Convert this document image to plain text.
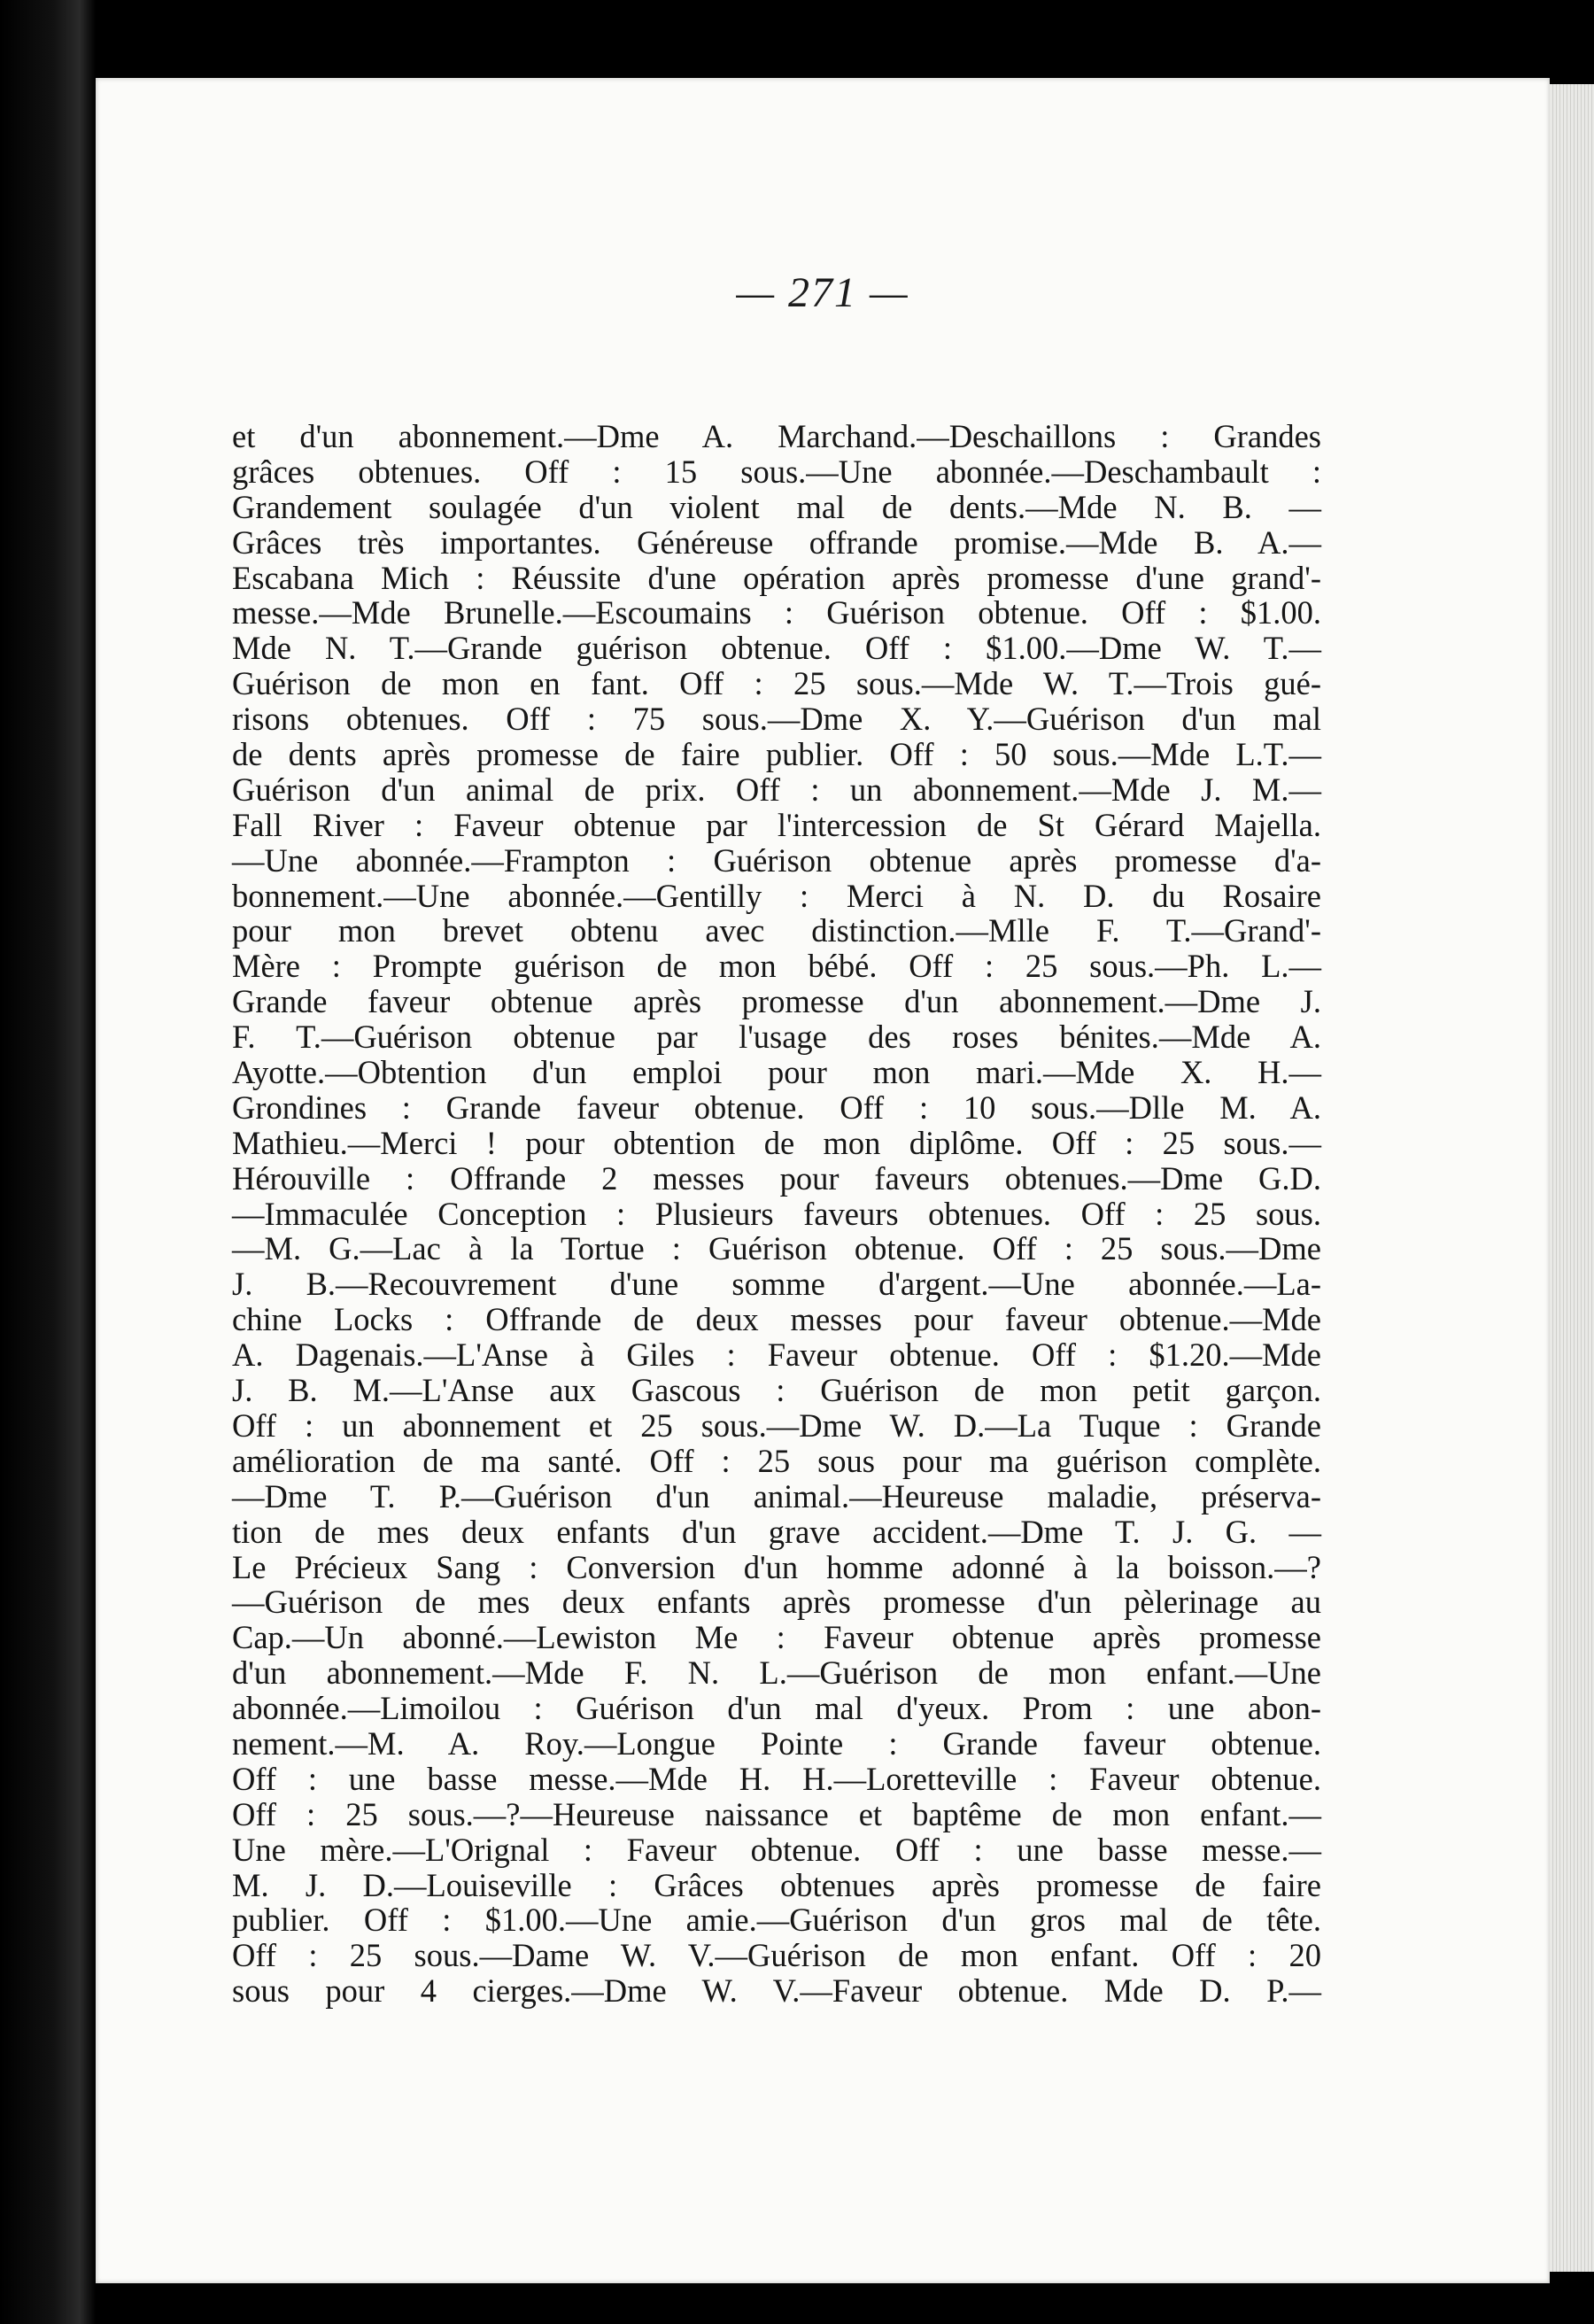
— 271 —
et d'un abonnement.—Dme A. Marchand.—Deschaillons : Grandes
grâces obtenues. Off : 15 sous.—Une abonnée.—Deschambault :
Grandement soulagée d'un violent mal de dents.—Mde N. B. —
Grâces très importantes. Généreuse offrande promise.—Mde B. A.—
Escabana Mich : Réussite d'une opération après promesse d'une grand'-
messe.—Mde Brunelle.—Escoumains : Guérison obtenue. Off : $1.00.
Mde N. T.—Grande guérison obtenue. Off : $1.00.—Dme W. T.—
Guérison de mon en fant. Off : 25 sous.—Mde W. T.—Trois gué-
risons obtenues. Off : 75 sous.—Dme X. Y.—Guérison d'un mal
de dents après promesse de faire publier. Off : 50 sous.—Mde L.T.—
Guérison d'un animal de prix. Off : un abonnement.—Mde J. M.—
Fall River : Faveur obtenue par l'intercession de St Gérard Majella.
—Une abonnée.—Frampton : Guérison obtenue après promesse d'a-
bonnement.—Une abonnée.—Gentilly : Merci à N. D. du Rosaire
pour mon brevet obtenu avec distinction.—Mlle F. T.—Grand'-
Mère : Prompte guérison de mon bébé. Off : 25 sous.—Ph. L.—
Grande faveur obtenue après promesse d'un abonnement.—Dme J.
F. T.—Guérison obtenue par l'usage des roses bénites.—Mde A.
Ayotte.—Obtention d'un emploi pour mon mari.—Mde X. H.—
Grondines : Grande faveur obtenue. Off : 10 sous.—Dlle M. A.
Mathieu.—Merci ! pour obtention de mon diplôme. Off : 25 sous.—
Hérouville : Offrande 2 messes pour faveurs obtenues.—Dme G.D.
—Immaculée Conception : Plusieurs faveurs obtenues. Off : 25 sous.
—M. G.—Lac à la Tortue : Guérison obtenue. Off : 25 sous.—Dme
J. B.—Recouvrement d'une somme d'argent.—Une abonnée.—La-
chine Locks : Offrande de deux messes pour faveur obtenue.—Mde
A. Dagenais.—L'Anse à Giles : Faveur obtenue. Off : $1.20.—Mde
J. B. M.—L'Anse aux Gascous : Guérison de mon petit garçon.
Off : un abonnement et 25 sous.—Dme W. D.—La Tuque : Grande
amélioration de ma santé. Off : 25 sous pour ma guérison complète.
—Dme T. P.—Guérison d'un animal.—Heureuse maladie, préserva-
tion de mes deux enfants d'un grave accident.—Dme T. J. G. —
Le Précieux Sang : Conversion d'un homme adonné à la boisson.—?
—Guérison de mes deux enfants après promesse d'un pèlerinage au
Cap.—Un abonné.—Lewiston Me : Faveur obtenue après promesse
d'un abonnement.—Mde F. N. L.—Guérison de mon enfant.—Une
abonnée.—Limoilou : Guérison d'un mal d'yeux. Prom : une abon-
nement.—M. A. Roy.—Longue Pointe : Grande faveur obtenue.
Off : une basse messe.—Mde H. H.—Loretteville : Faveur obtenue.
Off : 25 sous.—?—Heureuse naissance et baptême de mon enfant.—
Une mère.—L'Orignal : Faveur obtenue. Off : une basse messe.—
M. J. D.—Louiseville : Grâces obtenues après promesse de faire
publier. Off : $1.00.—Une amie.—Guérison d'un gros mal de tête.
Off : 25 sous.—Dame W. V.—Guérison de mon enfant. Off : 20
sous pour 4 cierges.—Dme W. V.—Faveur obtenue. Mde D. P.—
